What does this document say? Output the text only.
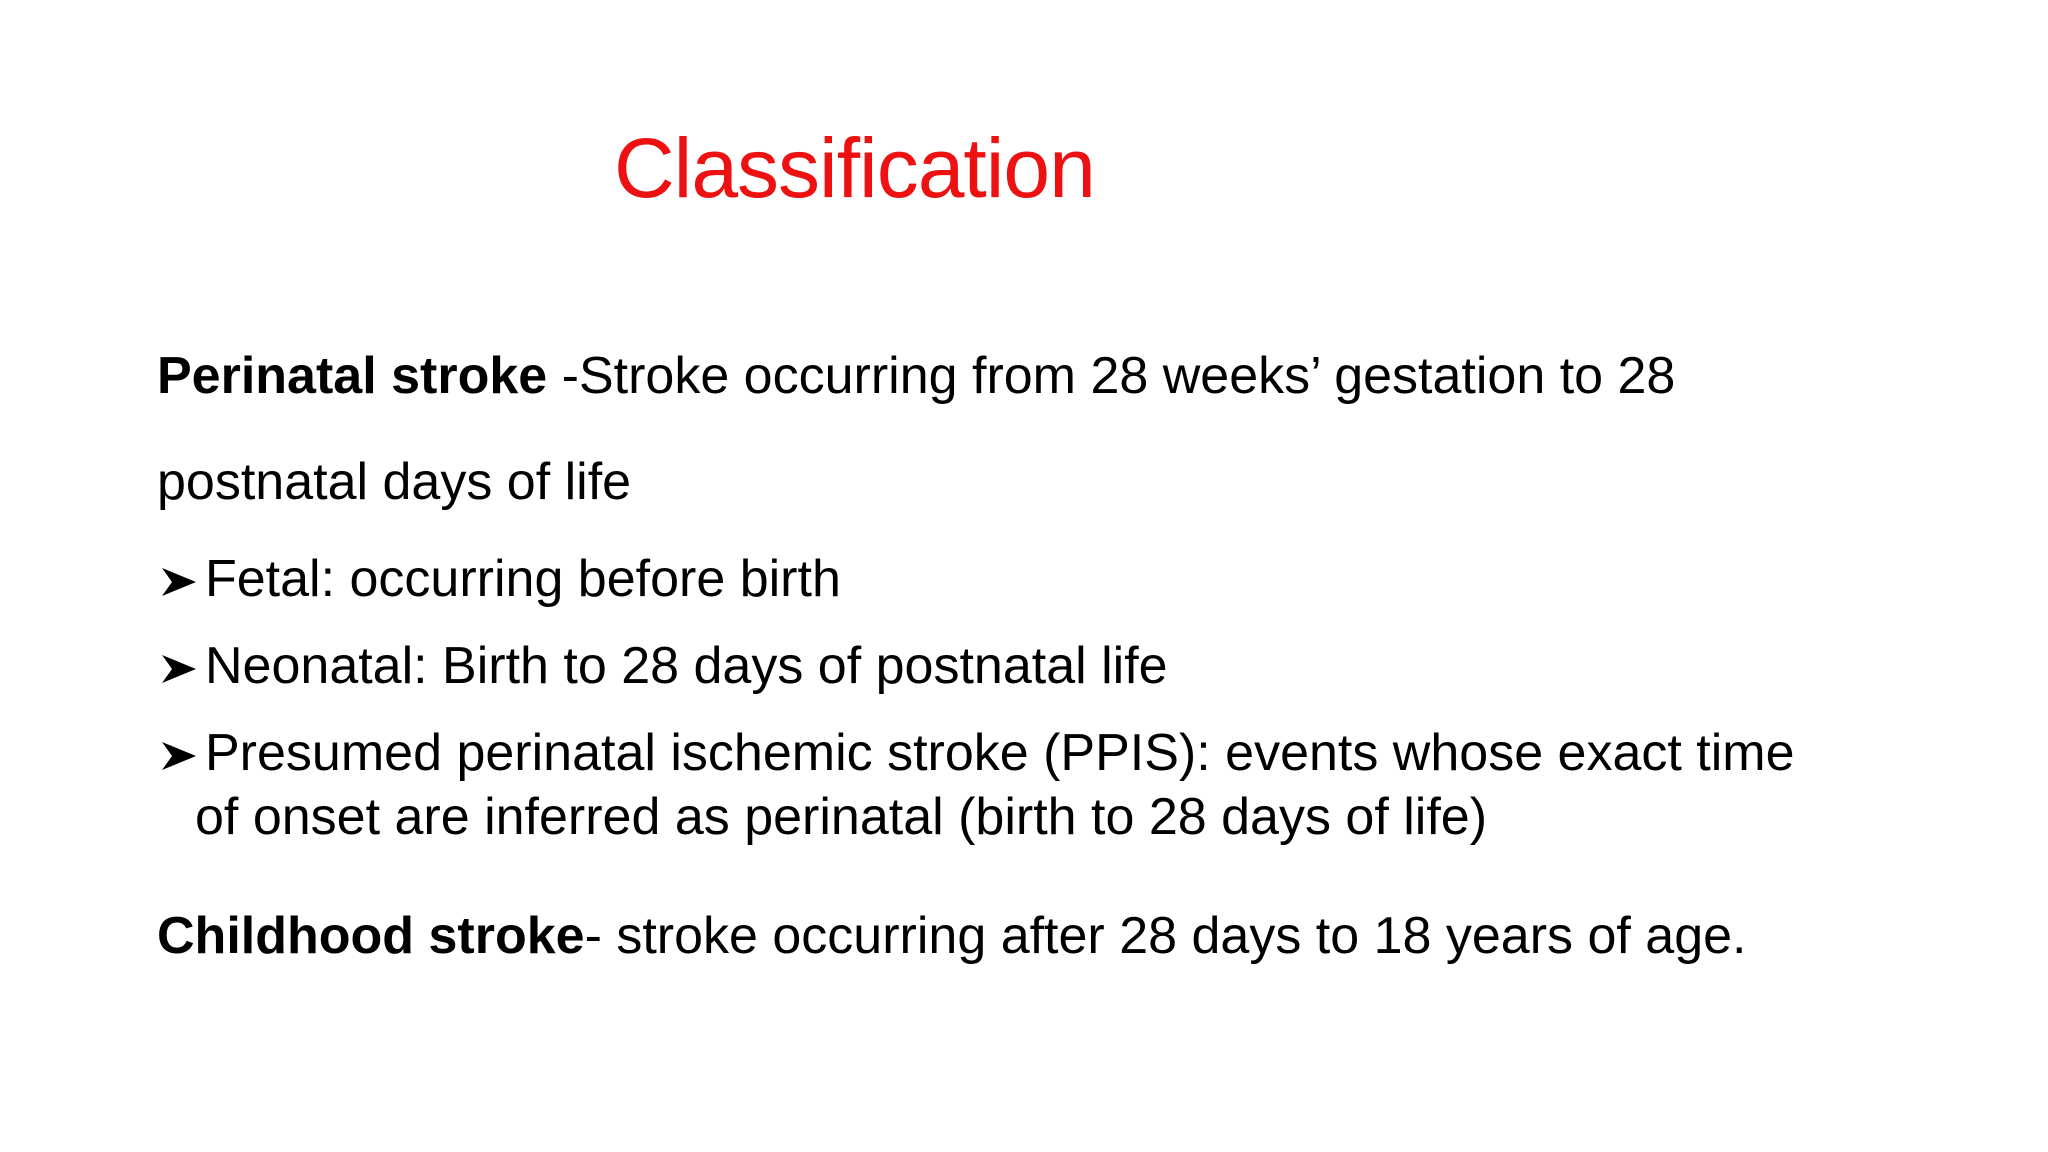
Classification
Perinatal stroke -Stroke occurring from 28 weeks’ gestation to 28
postnatal days of life
Fetal: occurring before birth
Neonatal: Birth to 28 days of postnatal life
Presumed perinatal ischemic stroke (PPIS): events whose exact time
of onset are inferred as perinatal (birth to 28 days of life)
Childhood stroke- stroke occurring after 28 days to 18 years of age.
